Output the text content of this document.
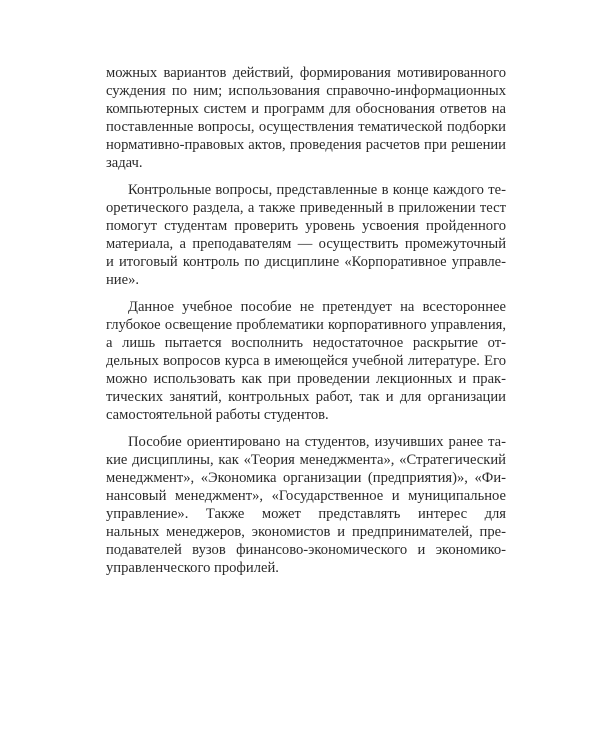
можных вариантов действий, формирования мотивированного
суждения по ним; использования справочно-информационных
компьютерных систем и программ для обоснования ответов на
поставленные вопросы, осуществления тематической подборки
нормативно-правовых актов, проведения расчетов при решении
задач.
Контрольные вопросы, представленные в конце каждого те-
оретического раздела, а также приведенный в приложении тест
помогут студентам проверить уровень усвоения пройденного
материала, а преподавателям — осуществить промежуточный
и итоговый контроль по дисциплине «Корпоративное управле-
ние».
Данное учебное пособие не претендует на всестороннее
глубокое освещение проблематики корпоративного управления,
а лишь пытается восполнить недостаточное раскрытие от-
дельных вопросов курса в имеющейся учебной литературе. Его
можно использовать как при проведении лекционных и прак-
тических занятий, контрольных работ, так и для организации
самостоятельной работы студентов.
Пособие ориентировано на студентов, изучивших ранее та-
кие дисциплины, как «Теория менеджмента», «Стратегический
менеджмент», «Экономика организации (предприятия)», «Фи-
нансовый менеджмент», «Государственное и муниципальное
управление». Также может представлять интерес для
нальных менеджеров, экономистов и предпринимателей, пре-
подавателей вузов финансово-экономического и экономико-
управленческого профилей.
